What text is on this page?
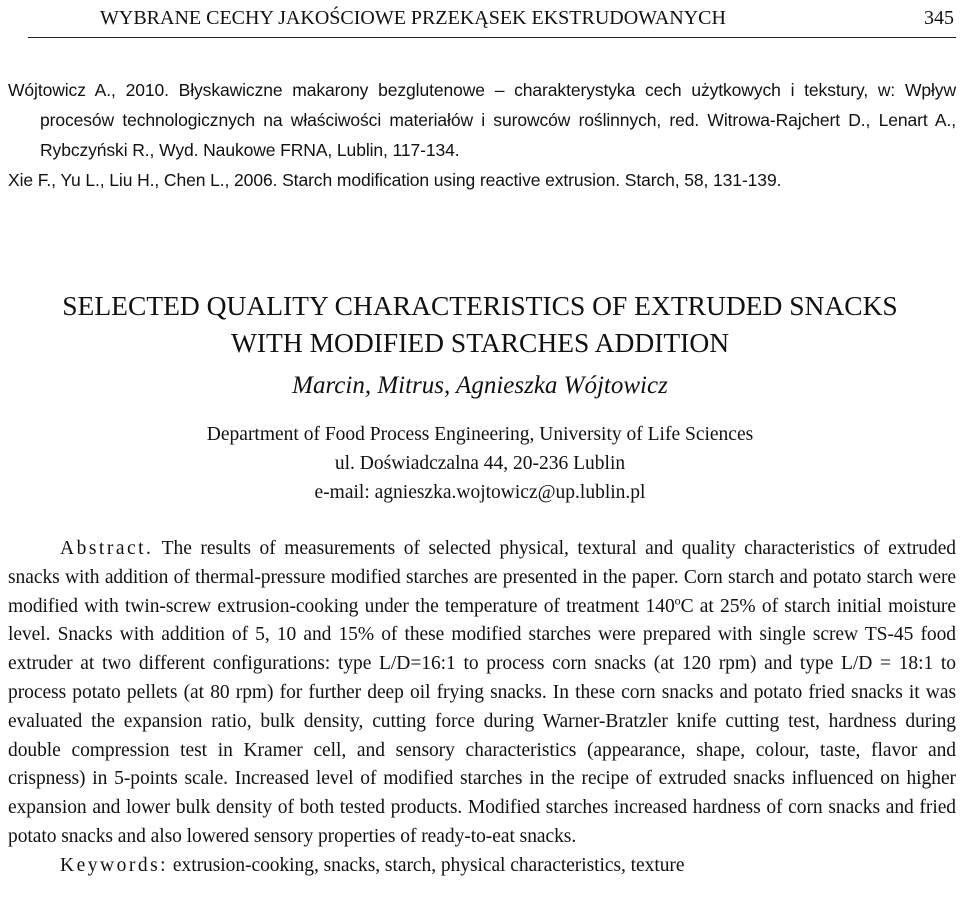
WYBRANE CECHY JAKOŚCIOWE PRZEKĄSEK EKSTRUDOWANYCH	345
Wójtowicz A., 2010. Błyskawiczne makarony bezglutenowe – charakterystyka cech użytkowych i tekstury, w: Wpływ procesów technologicznych na właściwości materiałów i surowców roślinnych, red. Witrowa-Rajchert D., Lenart A., Rybczyński R., Wyd. Naukowe FRNA, Lublin, 117-134.
Xie F., Yu L., Liu H., Chen L., 2006. Starch modification using reactive extrusion. Starch, 58, 131-139.
SELECTED QUALITY CHARACTERISTICS OF EXTRUDED SNACKS
WITH MODIFIED STARCHES ADDITION
Marcin, Mitrus, Agnieszka Wójtowicz
Department of Food Process Engineering, University of Life Sciences
ul. Doświadczalna 44, 20-236 Lublin
e-mail: agnieszka.wojtowicz@up.lublin.pl
Abstract. The results of measurements of selected physical, textural and quality characteristics of extruded snacks with addition of thermal-pressure modified starches are presented in the paper. Corn starch and potato starch were modified with twin-screw extrusion-cooking under the temperature of treatment 140$^o$C at 25% of starch initial moisture level. Snacks with addition of 5, 10 and 15% of these modified starches were prepared with single screw TS-45 food extruder at two different configurations: type L/D=16:1 to process corn snacks (at 120 rpm) and type L/D = 18:1 to process potato pellets (at 80 rpm) for further deep oil frying snacks. In these corn snacks and potato fried snacks it was evaluated the expansion ratio, bulk density, cutting force during Warner-Bratzler knife cutting test, hardness during double compression test in Kramer cell, and sensory characteristics (appearance, shape, colour, taste, flavor and crispness) in 5-points scale. Increased level of modified starches in the recipe of extruded snacks influenced on higher expansion and lower bulk density of both tested products. Modified starches increased hardness of corn snacks and fried potato snacks and also lowered sensory properties of ready-to-eat snacks.
Keywords: extrusion-cooking, snacks, starch, physical characteristics, texture
